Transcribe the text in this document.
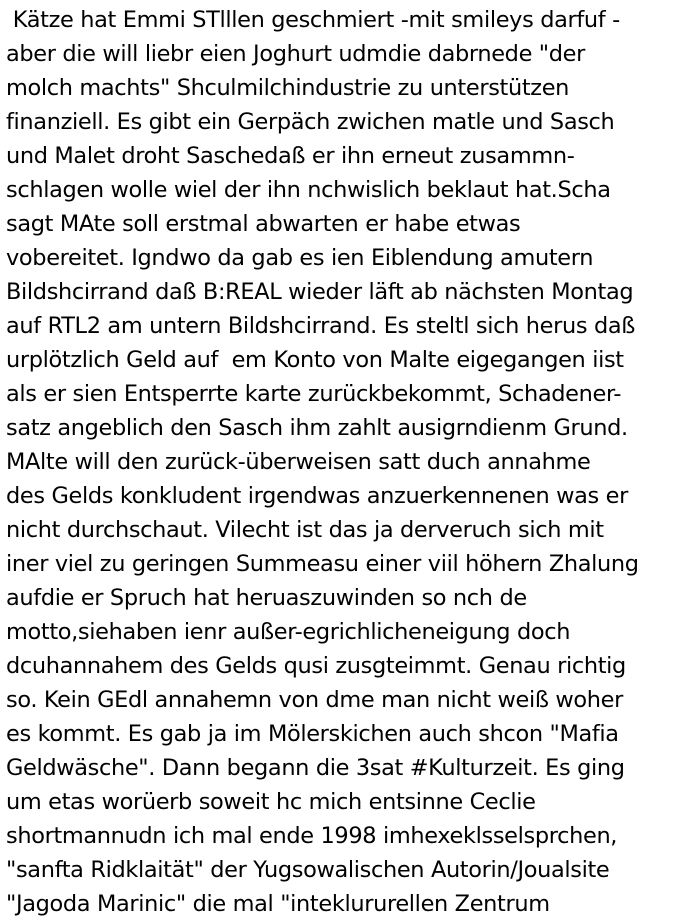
Kätze hat Emmi STlllen geschmiert -mit smileys darfuf -
aber die will liebr eien Joghurt udmdie dabrnede "der
molch machts" Shculmilchindustrie zu unterstützen
finanziell. Es gibt ein Gerpäch zwichen matle und Sasch
und Malet droht Saschedaß er ihn erneut zusammn-
schlagen wolle wiel der ihn nchwislich beklaut hat.Scha
sagt MAte soll erstmal abwarten er habe etwas
vobereitet. Igndwo da gab es ien Eiblendung amutern
Bildshcirrand daß B:REAL wieder läft ab nächsten Montag
auf RTL2 am untern Bildshcirrand. Es steltl sich herus daß
urplötzlich Geld auf  em Konto von Malte eigegangen iist
als er sien Entsperrte karte zurückbekommt, Schadener-
satz angeblich den Sasch ihm zahlt ausigrndienm Grund.
MAlte will den zurück-überweisen satt duch annahme
des Gelds konkludent irgendwas anzuerkennenen was er
nicht durchschaut. Vilecht ist das ja derveruch sich mit
iner viel zu geringen Summeasu einer viil höhern Zhalung
aufdie er Spruch hat heruaszuwinden so nch de
motto,siehaben ienr außer-egrichlicheneigung doch
dcuhannahem des Gelds qusi zusgteimmt. Genau richtig
so. Kein GEdl annahemn von dme man nicht weiß woher
es kommt. Es gab ja im Mölerskichen auch shcon "Mafia
Geldwäsche". Dann begann die 3sat #Kulturzeit. Es ging
um etas worüerb soweit hc mich entsinne Ceclie
shortmannudn ich mal ende 1998 imhexeklsselsprchen,
"sanfta Ridklaität" der Yugsowalischen Autorin/Joualsite
"Jagoda Marinic" die mal "inteklururellen Zentrum
